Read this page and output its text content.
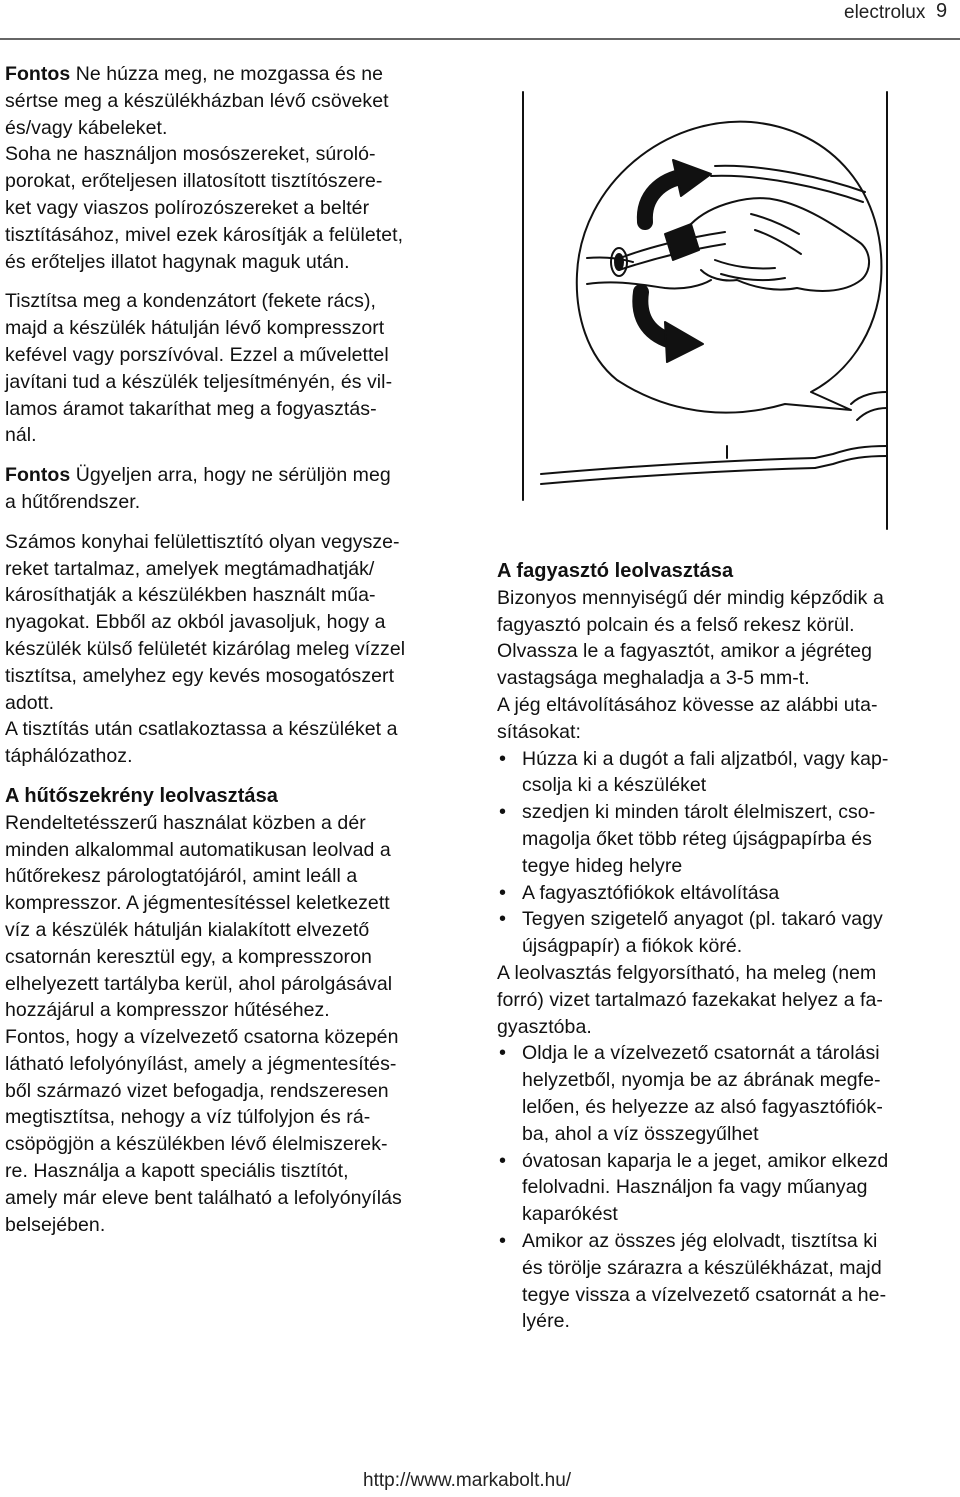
electrolux 9

Fontos Ne húzza meg, ne mozgassa és ne
sértse meg a készülékházban lévő csöveket
és/vagy kábeleket.

Soha ne használjon mosószereket, súroló-
porokat, erőteljesen illatosított tisztítószere-
ket vagy viaszos polírozószereket a beltér
tisztításához, mivel ezek károsítják a felületet,
és erőteljes illatot hagynak maguk után.

Tisztítsa meg a kondenzátort (fekete rács),
majd a készülék hátulján lévő kompresszort
kefével vagy porszívóval. Ezzel a művelettel
javítani tud a készülék teljesítményén, és vil-
lamos áramot takaríthat meg a fogyasztás-
nál.

Fontos Ügyeljen arra, hogy ne sérüljön meg
a hűtőrendszer.

Számos konyhai felülettisztító olyan vegysze-
reket tartalmaz, amelyek megtámadhatják/
károsíthatják a készülékben használt műa-
nyagokat. Ebből az okból javasoljuk, hogy a
készülék külső felületét kizárólag meleg vízzel
tisztítsa, amelyhez egy kevés mosogatószert
adott.
A tisztítás után csatlakoztassa a készüléket a
táphálózathoz.

A hűtőszekrény leolvasztása

Rendeltetésszerű használat közben a dér
minden alkalommal automatikusan leolvad a
hűtőrekesz párologtatójáról, amint leáll a
kompresszor. A jégmentesítéssel keletkezett
víz a készülék hátulján kialakított elvezető
csatornán keresztül egy, a kompresszoron
elhelyezett tartályba kerül, ahol párolgásával
hozzájárul a kompresszor hűtéséhez.
Fontos, hogy a vízelvezető csatorna közepén
látható lefolyónyílást, amely a jégmentesítés-
ből származó vizet befogadja, rendszeresen
megtisztítsa, nehogy a víz túlfolyjon és rá-
csöpögjön a készülékben lévő élelmiszerek-
re. Használja a kapott speciális tisztítót,
amely már eleve bent található a lefolyónyílás
belsejében.

A fagyasztó leolvasztása

Bizonyos mennyiségű dér mindig képződik a
fagyasztó polcain és a felső rekesz körül.
Olvassza le a fagyasztót, amikor a jégréteg
vastagsága meghaladja a 3-5 mm-t.
A jég eltávolításához kövesse az alábbi uta-
sításokat:

• Húzza ki a dugót a fali aljzatból, vagy kap-
csolja ki a készüléket
• szedjen ki minden tárolt élelmiszert, cso-
magolja őket több réteg újságpapírba és
tegye hideg helyre
• A fagyasztófiókok eltávolítása
• Tegyen szigetelő anyagot (pl. takaró vagy
újságpapír) a fiókok köré.

A leolvasztás felgyorsítható, ha meleg (nem
forró) vizet tartalmazó fazekakat helyez a fa-
gyasztóba.

• Oldja le a vízelvezető csatornát a tárolási
helyzetből, nyomja be az ábrának megfe-
lelően, és helyezze az alsó fagyasztófiók-
ba, ahol a víz összegyűlhet
• óvatosan kaparja le a jeget, amikor elkezd
felolvadni. Használjon fa vagy műanyag
kaparókést
• Amikor az összes jég elolvadt, tisztítsa ki
és törölje szárazra a készülékházat, majd
tegye vissza a vízelvezető csatornát a he-
lyére.
http://www.markabolt.hu/
